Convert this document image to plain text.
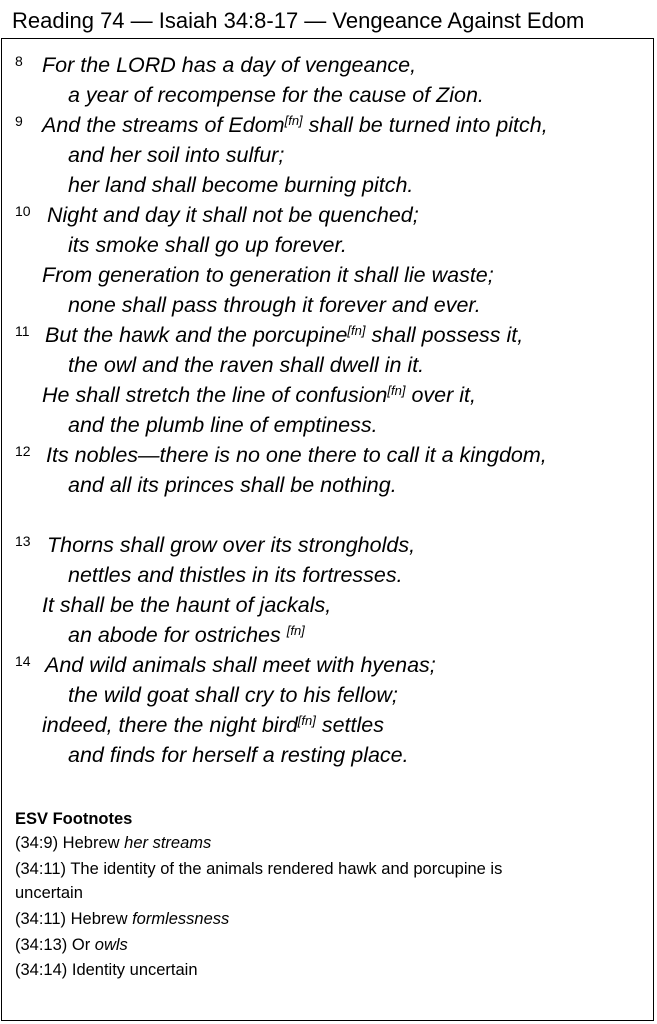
Reading 74 — Isaiah 34:8-17 — Vengeance Against Edom
8 For the LORD has a day of vengeance,
a year of recompense for the cause of Zion.
9 And the streams of Edom[fn] shall be turned into pitch,
and her soil into sulfur;
her land shall become burning pitch.
10 Night and day it shall not be quenched;
its smoke shall go up forever.
From generation to generation it shall lie waste;
none shall pass through it forever and ever.
11 But the hawk and the porcupine[fn] shall possess it,
the owl and the raven shall dwell in it.
He shall stretch the line of confusion[fn] over it,
and the plumb line of emptiness.
12 Its nobles—there is no one there to call it a kingdom,
and all its princes shall be nothing.
13 Thorns shall grow over its strongholds,
nettles and thistles in its fortresses.
It shall be the haunt of jackals,
an abode for ostriches [fn]
14 And wild animals shall meet with hyenas;
the wild goat shall cry to his fellow;
indeed, there the night bird[fn] settles
and finds for herself a resting place.
ESV Footnotes
(34:9) Hebrew her streams
(34:11) The identity of the animals rendered hawk and porcupine is
uncertain
(34:11) Hebrew formlessness
(34:13) Or owls
(34:14) Identity uncertain
